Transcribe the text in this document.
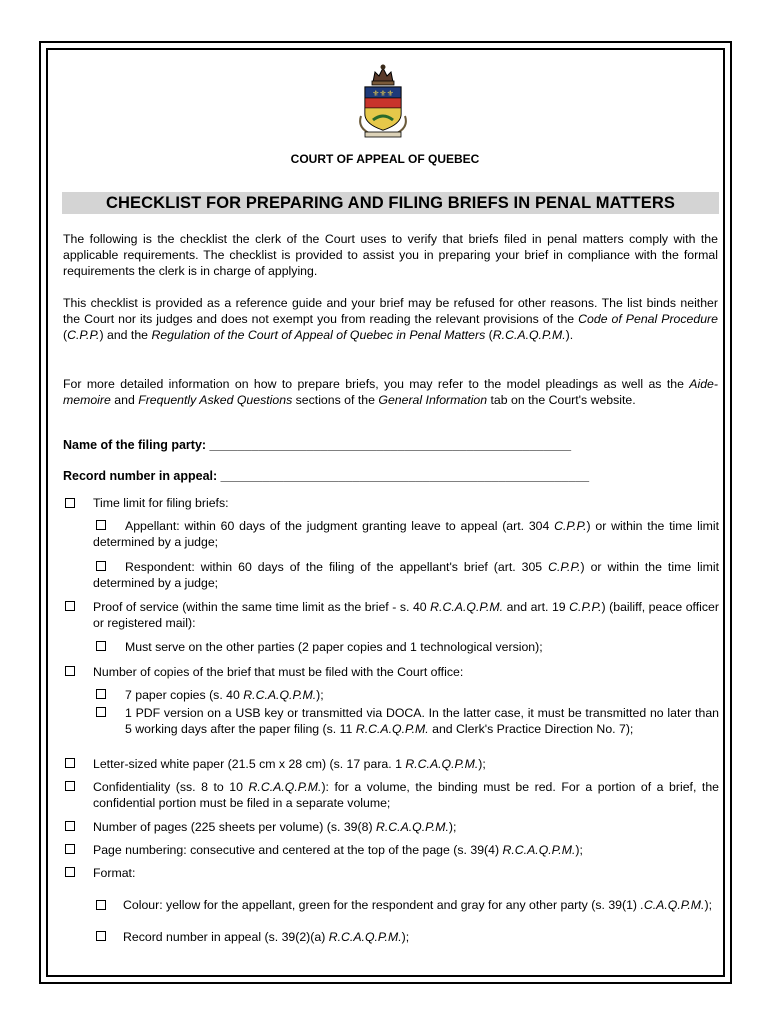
⚜⚜⚜
COURT OF APPEAL OF QUEBEC
CHECKLIST FOR PREPARING AND FILING BRIEFS IN PENAL MATTERS
The following is the checklist the clerk of the Court uses to verify that briefs filed in penal matters comply with the applicable requirements. The checklist is provided to assist you in preparing your brief in compliance with the formal requirements the clerk is in charge of applying.
This checklist is provided as a reference guide and your brief may be refused for other reasons. The list binds neither the Court nor its judges and does not exempt you from reading the relevant provisions of the Code of Penal Procedure (C.P.P.) and the Regulation of the Court of Appeal of Quebec in Penal Matters (R.C.A.Q.P.M.).
For more detailed information on how to prepare briefs, you may refer to the model pleadings as well as the Aide-memoire and Frequently Asked Questions sections of the General Information tab on the Court's website.
Name of the filing party: ____________________________________________________
Record number in appeal: _____________________________________________________
Time limit for filing briefs:
Appellant: within 60 days of the judgment granting leave to appeal (art. 304 C.P.P.) or within the time limit determined by a judge;
Respondent: within 60 days of the filing of the appellant's brief (art. 305 C.P.P.) or within the time limit determined by a judge;
Proof of service (within the same time limit as the brief - s. 40 R.C.A.Q.P.M. and art. 19 C.P.P.) (bailiff, peace officer or registered mail):
Must serve on the other parties (2 paper copies and 1 technological version);
Number of copies of the brief that must be filed with the Court office:
7 paper copies (s. 40 R.C.A.Q.P.M.);
1 PDF version on a USB key or transmitted via DOCA. In the latter case, it must be transmitted no later than 5 working days after the paper filing (s. 11 R.C.A.Q.P.M. and Clerk's Practice Direction No. 7);
Letter-sized white paper (21.5 cm x 28 cm) (s. 17 para. 1 R.C.A.Q.P.M.);
Confidentiality (ss. 8 to 10 R.C.A.Q.P.M.): for a volume, the binding must be red. For a portion of a brief, the confidential portion must be filed in a separate volume;
Number of pages (225 sheets per volume) (s. 39(8) R.C.A.Q.P.M.);
Page numbering: consecutive and centered at the top of the page (s. 39(4) R.C.A.Q.P.M.);
Format:
Colour: yellow for the appellant, green for the respondent and gray for any other party (s. 39(1) .C.A.Q.P.M.);
Record number in appeal (s. 39(2)(a) R.C.A.Q.P.M.);
